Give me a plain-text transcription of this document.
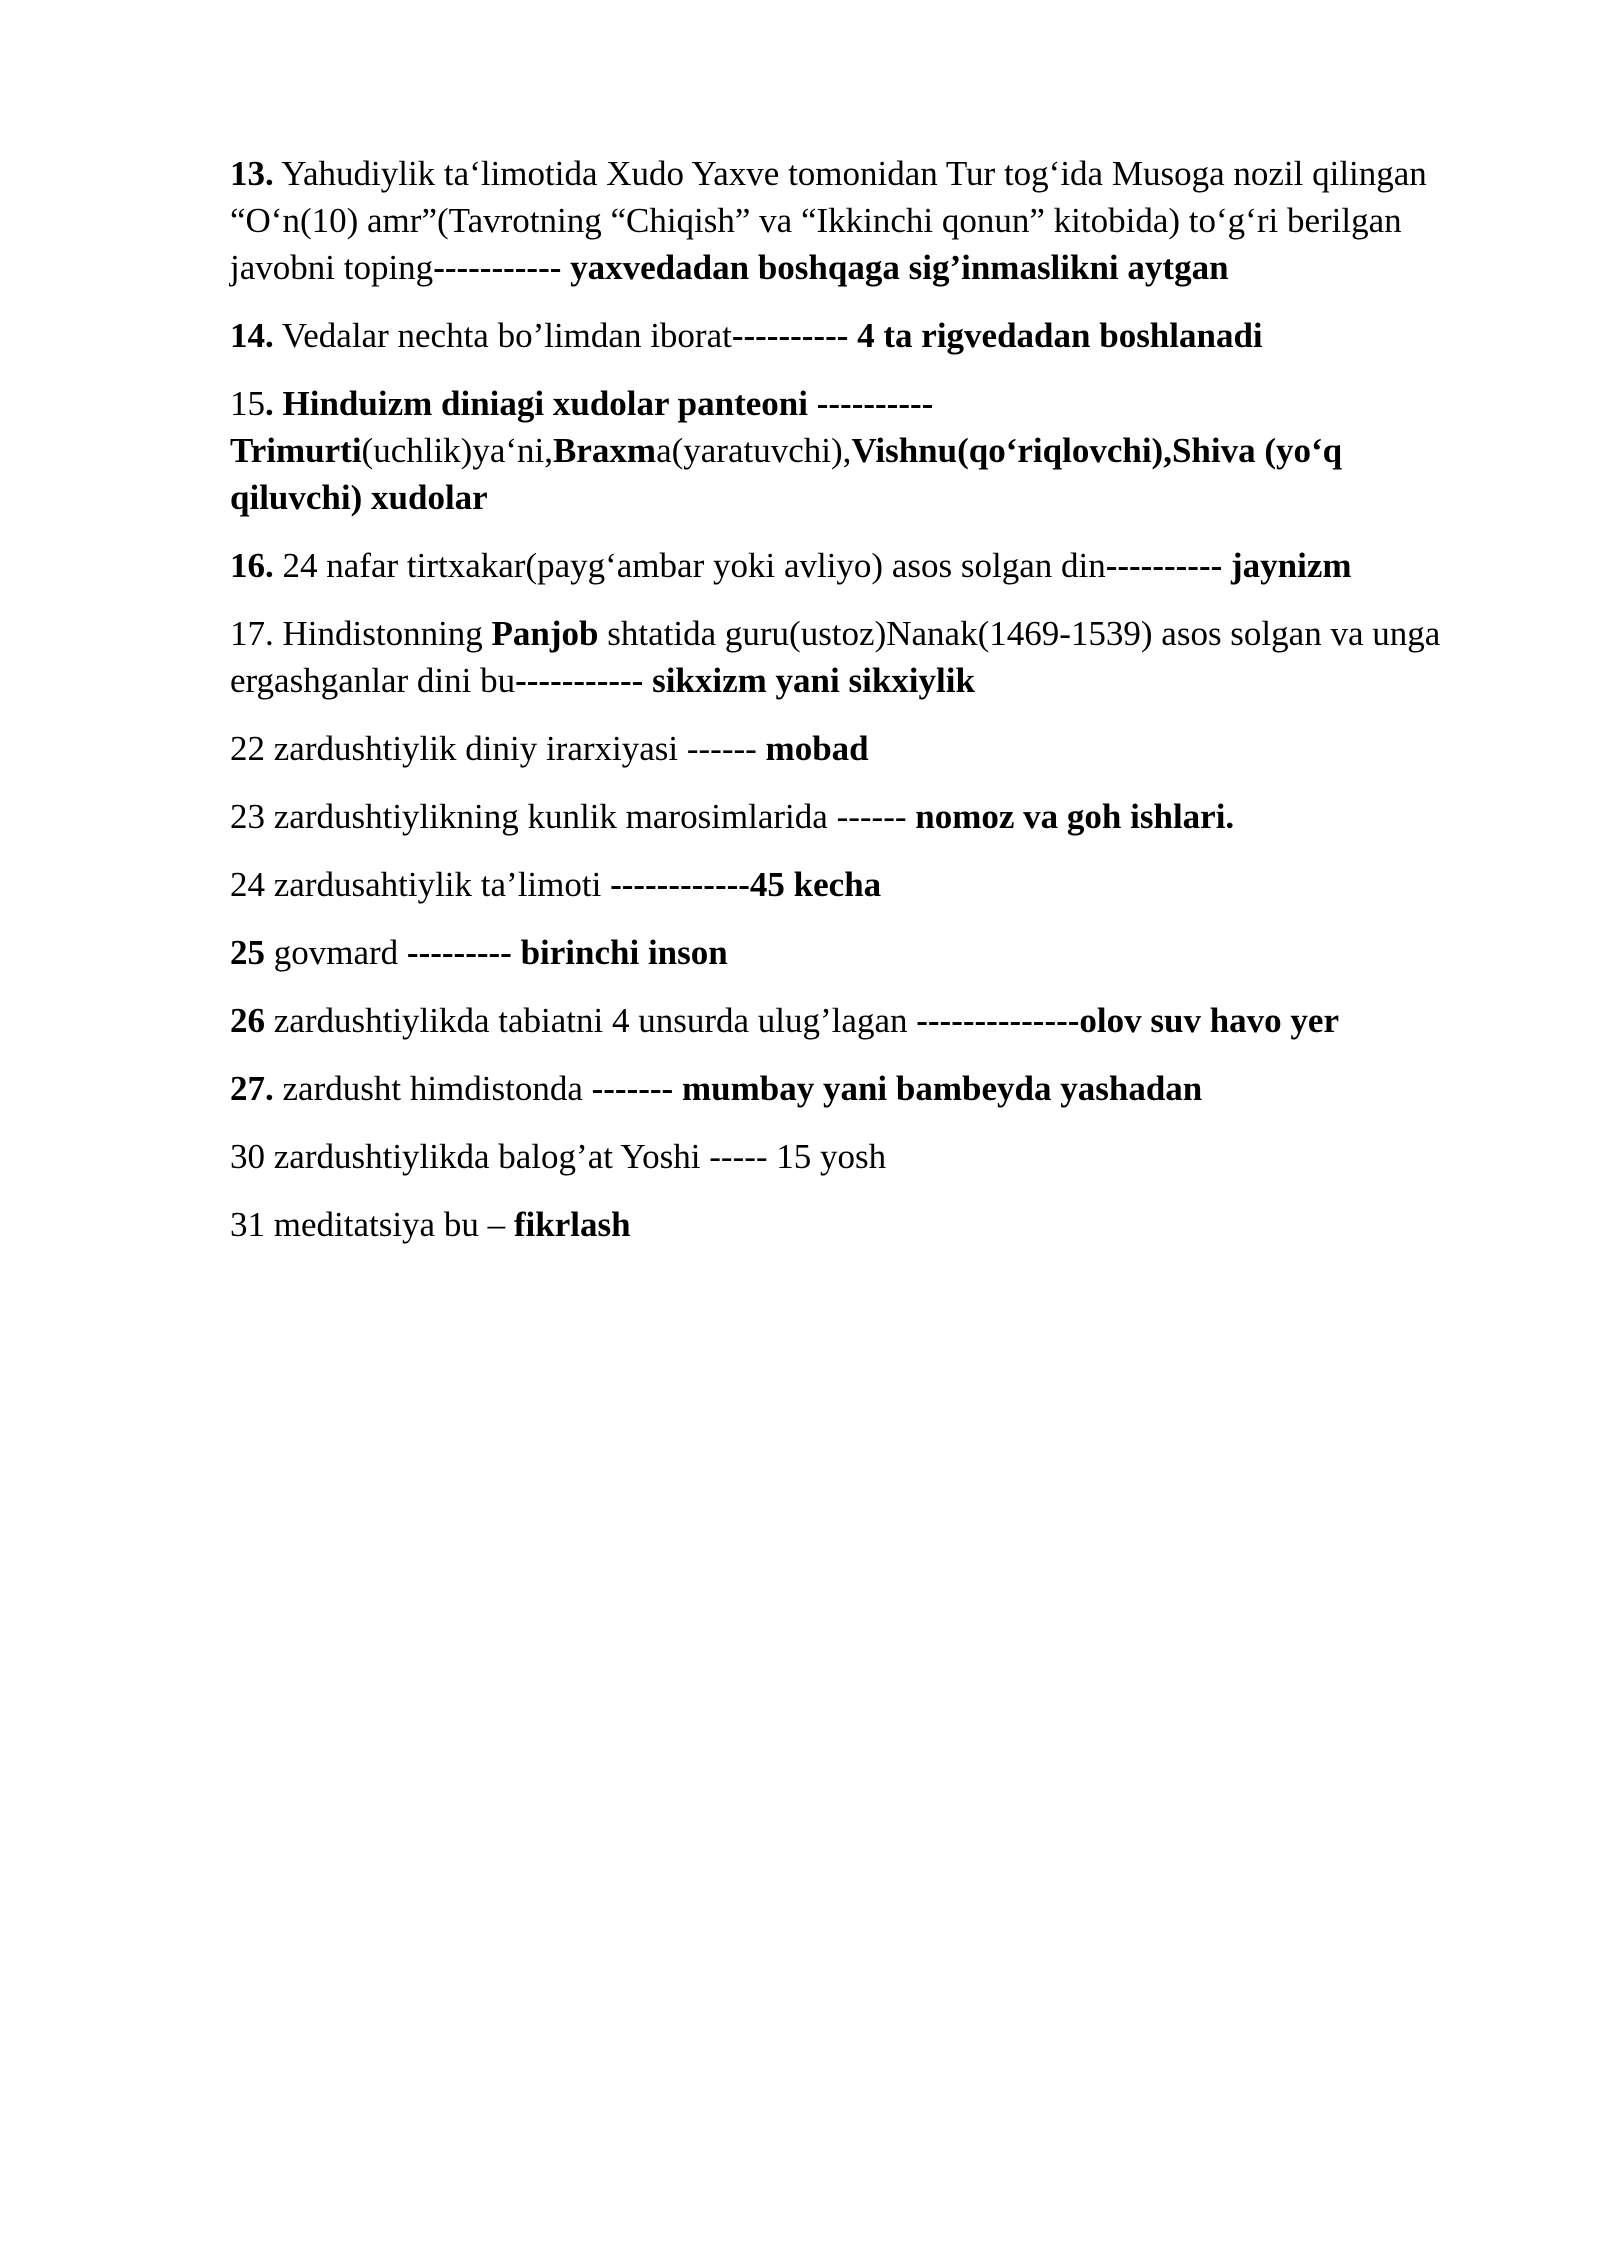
13. Yahudiylik ta‘limotida Xudo Yaxve tomonidan Tur tog‘ida Musoga nozil qilingan “O‘n(10) amr”(Tavrotning “Chiqish” va “Ikkinchi qonun” kitobida) to‘g‘ri berilgan javobni toping----------- yaxvedadan boshqaga sig’inmaslikni aytgan

14. Vedalar nechta bo’limdan iborat---------- 4 ta rigvedadan boshlanadi

15. Hinduizm diniagi xudolar panteoni ---------- Trimurti(uchlik)ya‘ni,Braxma(yaratuvchi),Vishnu(qo‘riqlovchi),Shiva (yo‘q qiluvchi) xudolar

16. 24 nafar tirtxakar(payg‘ambar yoki avliyo) asos solgan din---------- jaynizm

17. Hindistonning Panjob shtatida guru(ustoz)Nanak(1469-1539) asos solgan va unga ergashganlar dini bu----------- sikxizm yani sikxiylik

22 zardushtiylik diniy irarxiyasi ------ mobad

23 zardushtiylikning kunlik marosimlarida ------ nomoz va goh ishlari.

24 zardusahtiylik ta’limoti ------------45 kecha

25 govmard --------- birinchi inson

26 zardushtiylikda tabiatni 4 unsurda ulug’lagan --------------olov suv havo yer

27. zardusht himdistonda ------- mumbay yani bambeyda yashadan

30 zardushtiylikda balog’at Yoshi ----- 15 yosh

31 meditatsiya bu – fikrlash
